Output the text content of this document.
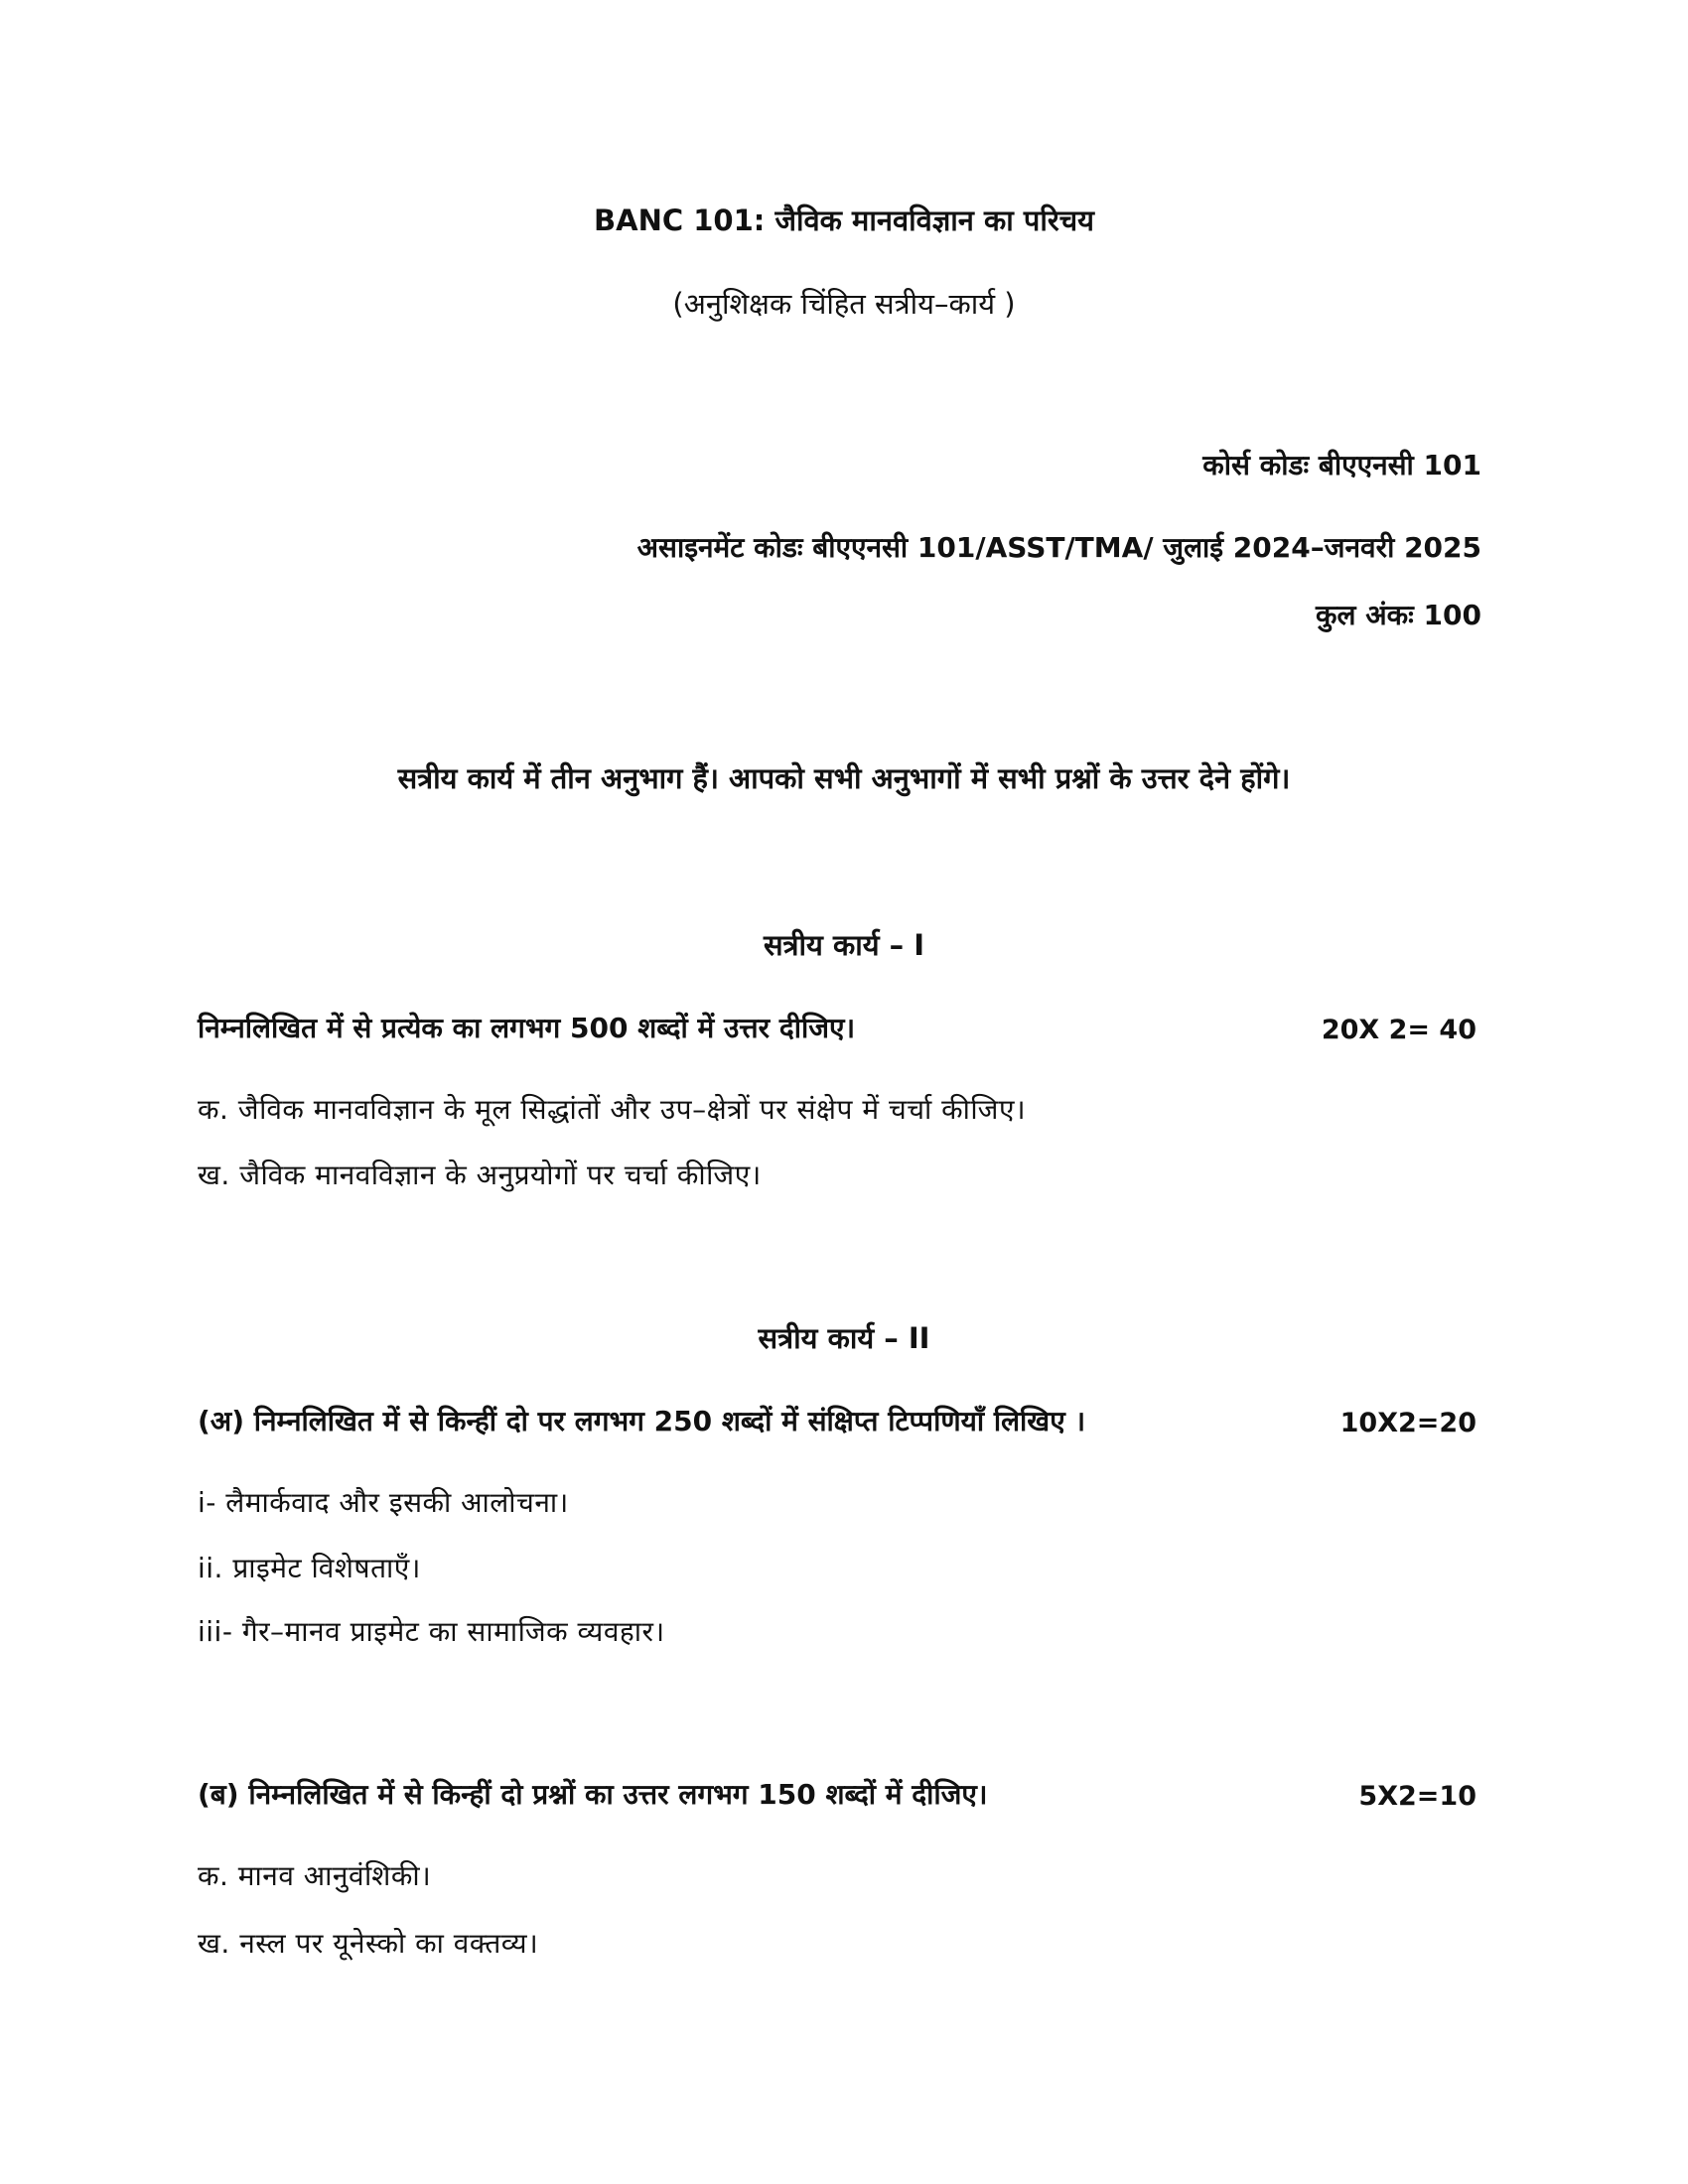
BANC 101: जैविक मानवविज्ञान का परिचय
(अनुशिक्षक चिंहित सत्रीय–कार्य )
कोर्स कोडः बीएएनसी 101
असाइनमेंट कोडः बीएएनसी 101/ASST/TMA/ जुलाई 2024–जनवरी 2025
कुल अंकः 100
सत्रीय कार्य में तीन अनुभाग हैं। आपको सभी अनुभागों में सभी प्रश्नों के उत्तर देने होंगे।
सत्रीय कार्य – I
निम्नलिखित में से प्रत्येक का लगभग 500 शब्दों में उत्तर दीजिए।	20X 2= 40
क. जैविक मानवविज्ञान के मूल सिद्धांतों और उप–क्षेत्रों पर संक्षेप में चर्चा कीजिए।
ख. जैविक मानवविज्ञान के अनुप्रयोगों पर चर्चा कीजिए।
सत्रीय कार्य – II
(अ) निम्नलिखित में से किन्हीं दो पर लगभग 250 शब्दों में संक्षिप्त टिप्पणियाँ लिखिए ।	10X2=20
i- लैमार्कवाद और इसकी आलोचना।
ii. प्राइमेट विशेषताएँ।
iii- गैर–मानव प्राइमेट का सामाजिक व्यवहार।
(ब) निम्नलिखित में से किन्हीं दो प्रश्नों का उत्तर लगभग 150 शब्दों में दीजिए।	5X2=10
क. मानव आनुवंशिकी।
ख. नस्ल पर यूनेस्को का वक्तव्य।
